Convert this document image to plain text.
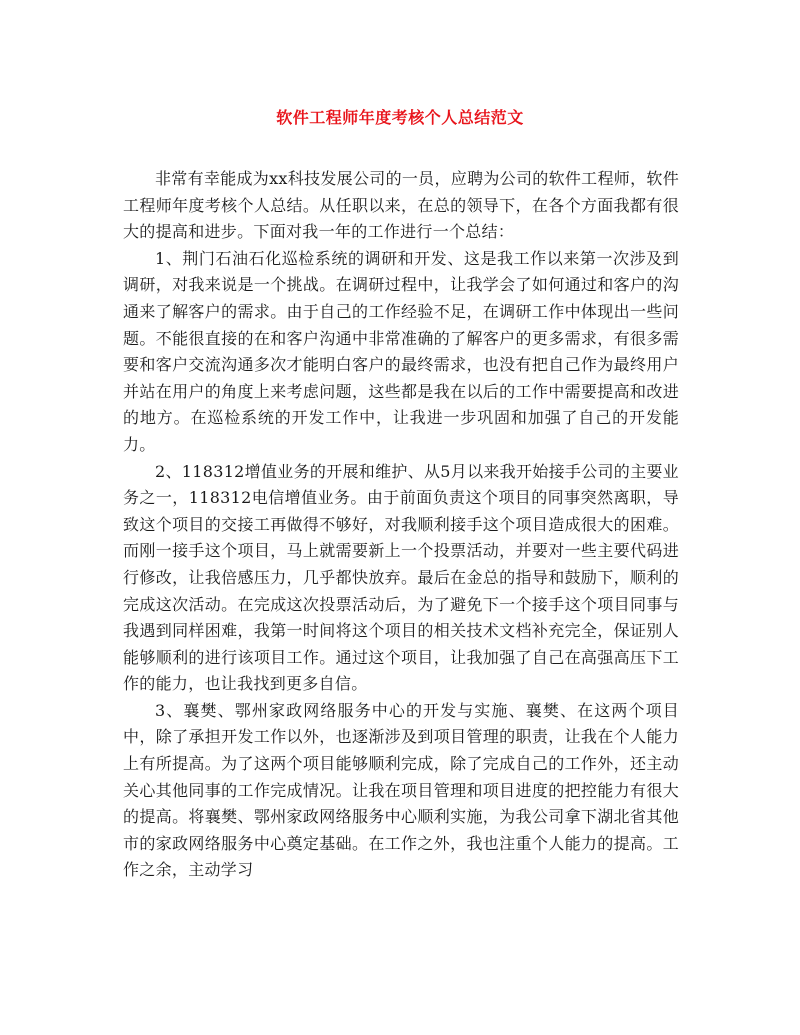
软件工程师年度考核个人总结范文

非常有幸能成为xx科技发展公司的一员，应聘为公司的软件工程师，软件工程师年度考核个人总结。从任职以来，在总的领导下，在各个方面我都有很大的提高和进步。下面对我一年的工作进行一个总结：

1、荆门石油石化巡检系统的调研和开发、这是我工作以来第一次涉及到调研，对我来说是一个挑战。在调研过程中，让我学会了如何通过和客户的沟通来了解客户的需求。由于自己的工作经验不足，在调研工作中体现出一些问题。不能很直接的在和客户沟通中非常准确的了解客户的更多需求，有很多需要和客户交流沟通多次才能明白客户的最终需求，也没有把自己作为最终用户并站在用户的角度上来考虑问题，这些都是我在以后的工作中需要提高和改进的地方。在巡检系统的开发工作中，让我进一步巩固和加强了自己的开发能力。

2、118312增值业务的开展和维护、从5月以来我开始接手公司的主要业务之一，118312电信增值业务。由于前面负责这个项目的同事突然离职，导致这个项目的交接工再做得不够好，对我顺利接手这个项目造成很大的困难。而刚一接手这个项目，马上就需要新上一个投票活动，并要对一些主要代码进行修改，让我倍感压力，几乎都快放弃。最后在金总的指导和鼓励下，顺利的完成这次活动。在完成这次投票活动后，为了避免下一个接手这个项目同事与我遇到同样困难，我第一时间将这个项目的相关技术文档补充完全，保证别人能够顺利的进行该项目工作。通过这个项目，让我加强了自己在高强高压下工作的能力，也让我找到更多自信。

3、襄樊、鄂州家政网络服务中心的开发与实施、襄樊、在这两个项目中，除了承担开发工作以外，也逐渐涉及到项目管理的职责，让我在个人能力上有所提高。为了这两个项目能够顺利完成，除了完成自己的工作外，还主动关心其他同事的工作完成情况。让我在项目管理和项目进度的把控能力有很大的提高。将襄樊、鄂州家政网络服务中心顺利实施，为我公司拿下湖北省其他市的家政网络服务中心奠定基础。在工作之外，我也注重个人能力的提高。工作之余，主动学习
